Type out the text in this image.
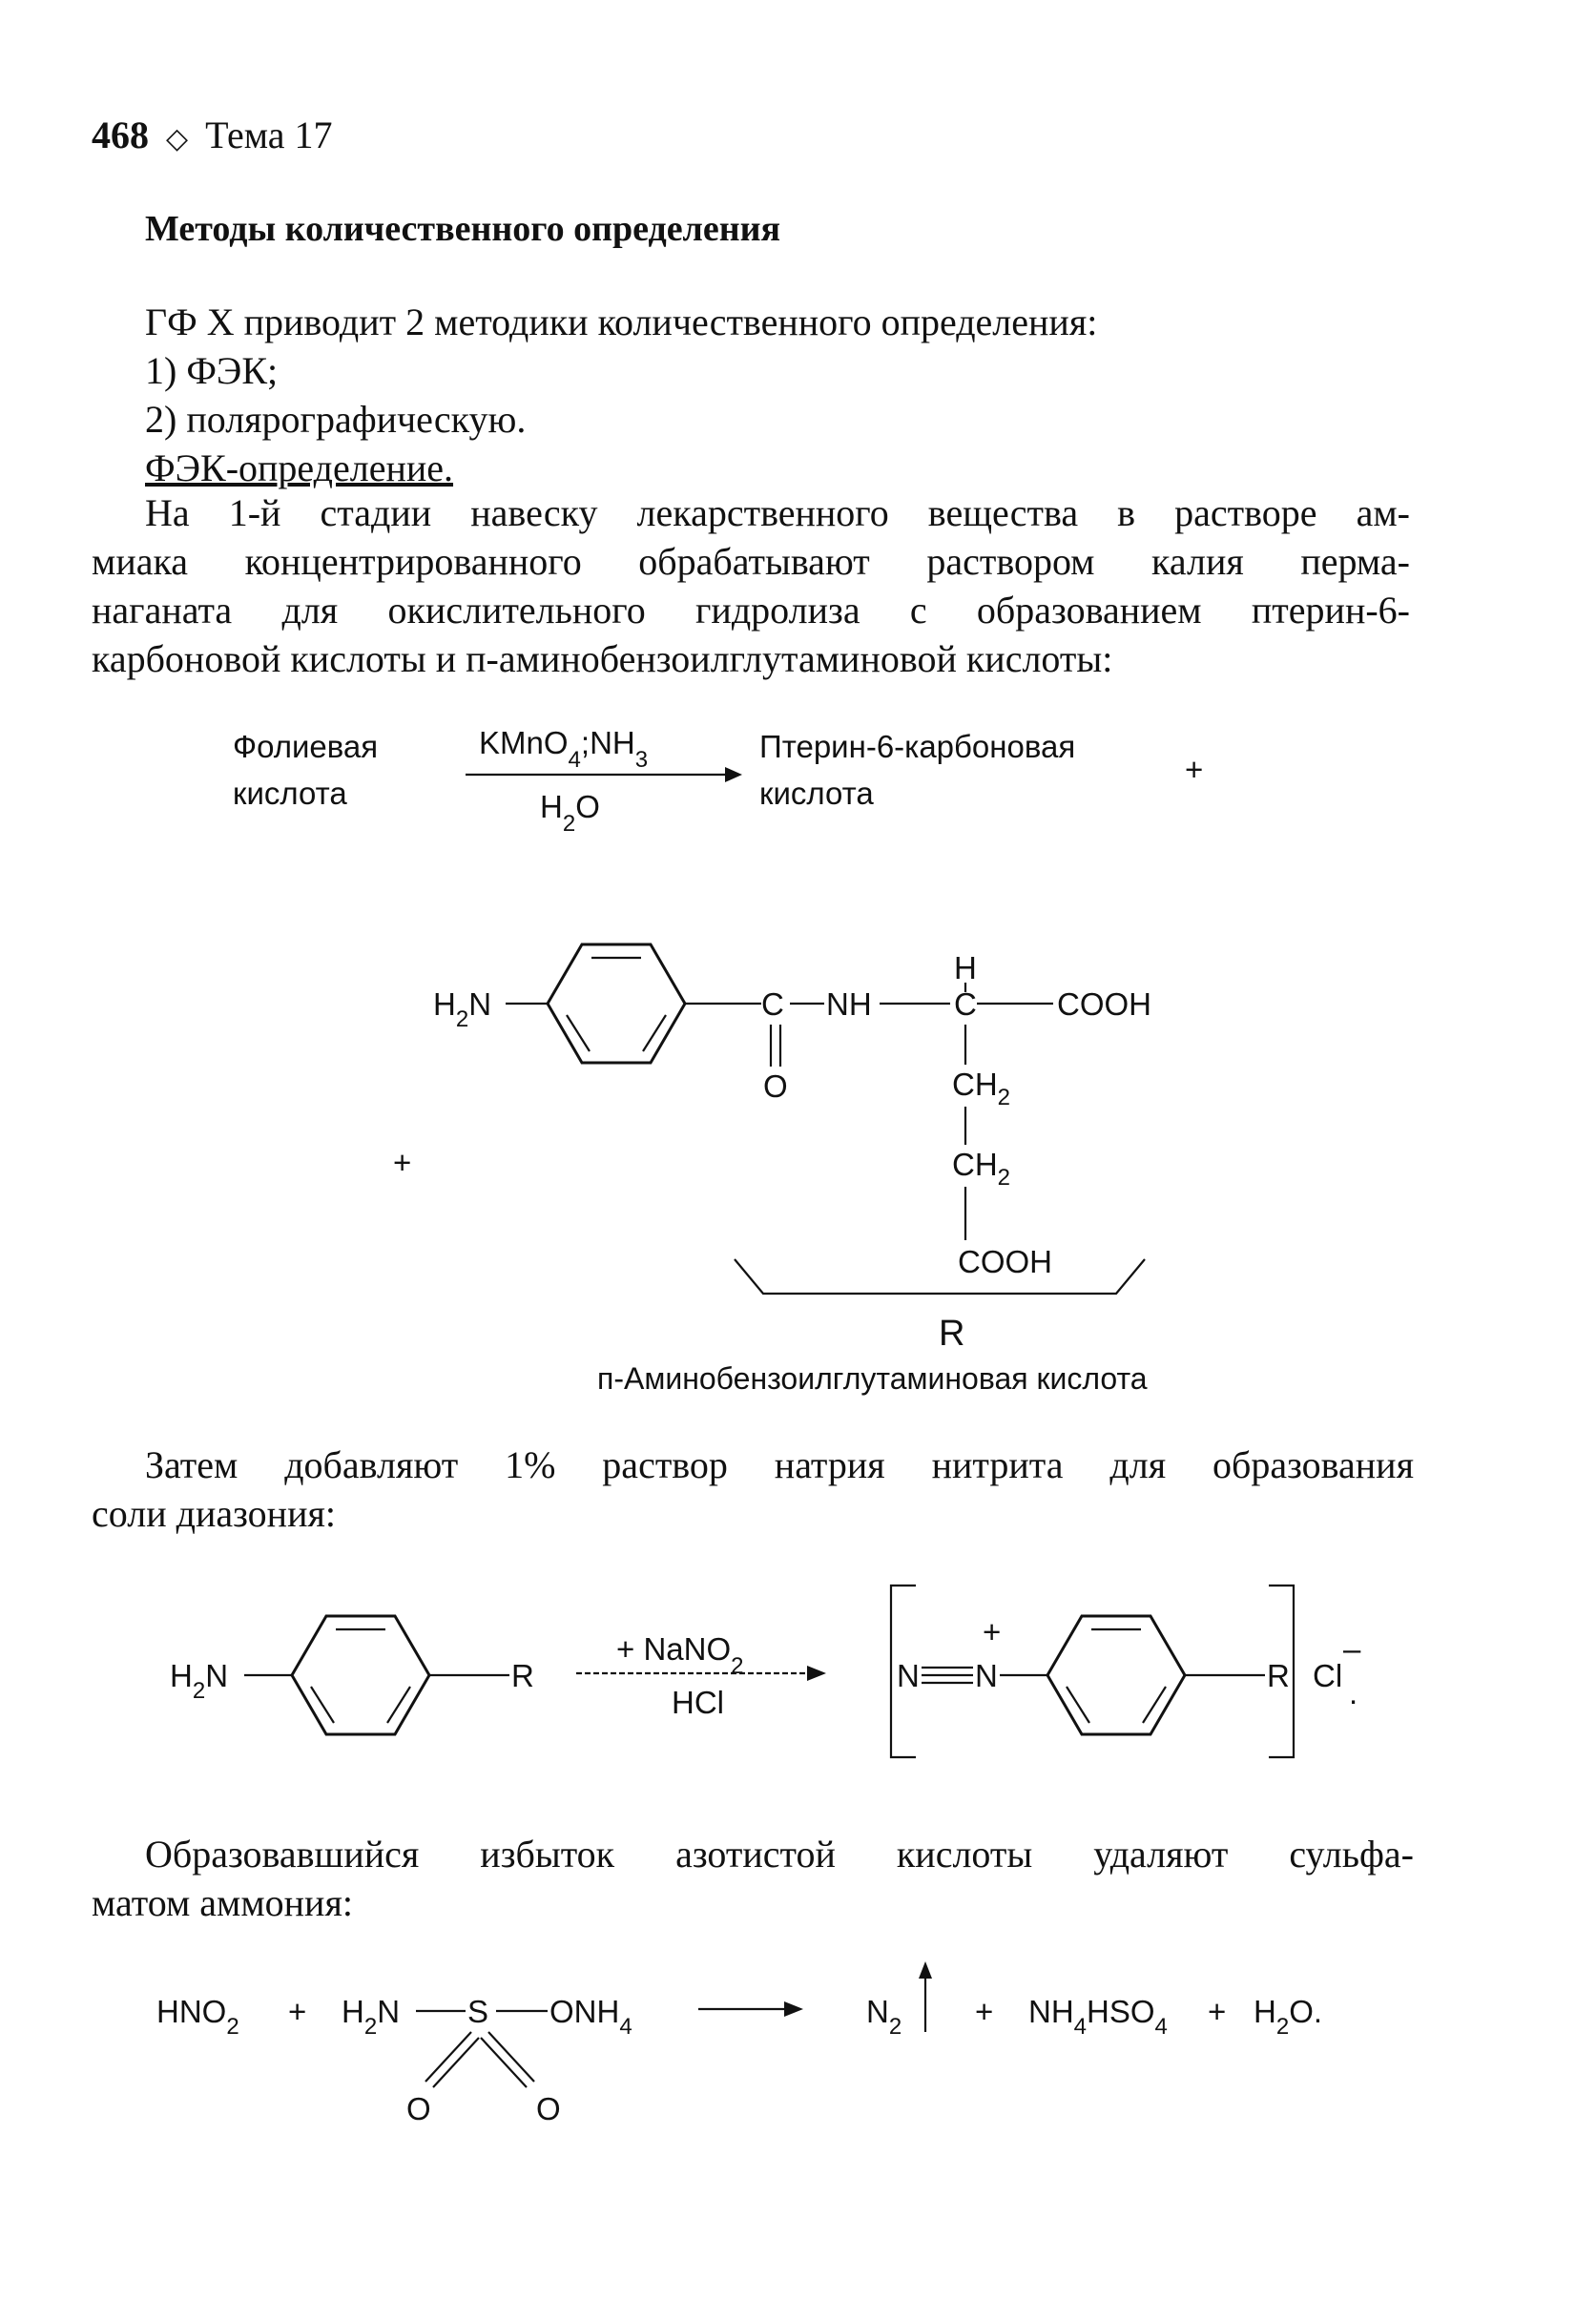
468 ◇ Тема 17
Методы количественного определения
ГФ X приводит 2 методики количественного определения:
1) ФЭК;
2) полярографическую.
ФЭК-определение.
На 1-й стадии навеску лекарственного вещества в растворе ам-
миака концентрированного обрабатывают раствором калия перма-
наганата для окислительного гидролиза с образованием птерин-6-
карбоновой кислоты и п-аминобензоилглутаминовой кислоты:
Затем добавляют 1% раствор натрия нитрита для образования
соли диазония:
Образовавшийся избыток азотистой кислоты удаляют сульфа-
матом аммония:
Фолиевая
кислота
$KMnO_4;NH_3$
$H_2O$
Птерин-6-карбоновая
кислота
+
+
$H_2N$	C
O
NH
H
C	COOH
$CH_2$
$CH_2$
COOH
R
п-Аминобензоилглутаминовая кислота
$H_2N$	R
+ NaNO$_2$
HCl
N N
+
R Cl
–
.
$HNO_2 + H_2N$ S $ONH_4$
O	O
$N_2 + NH_4HSO_4 + H_2O$.
